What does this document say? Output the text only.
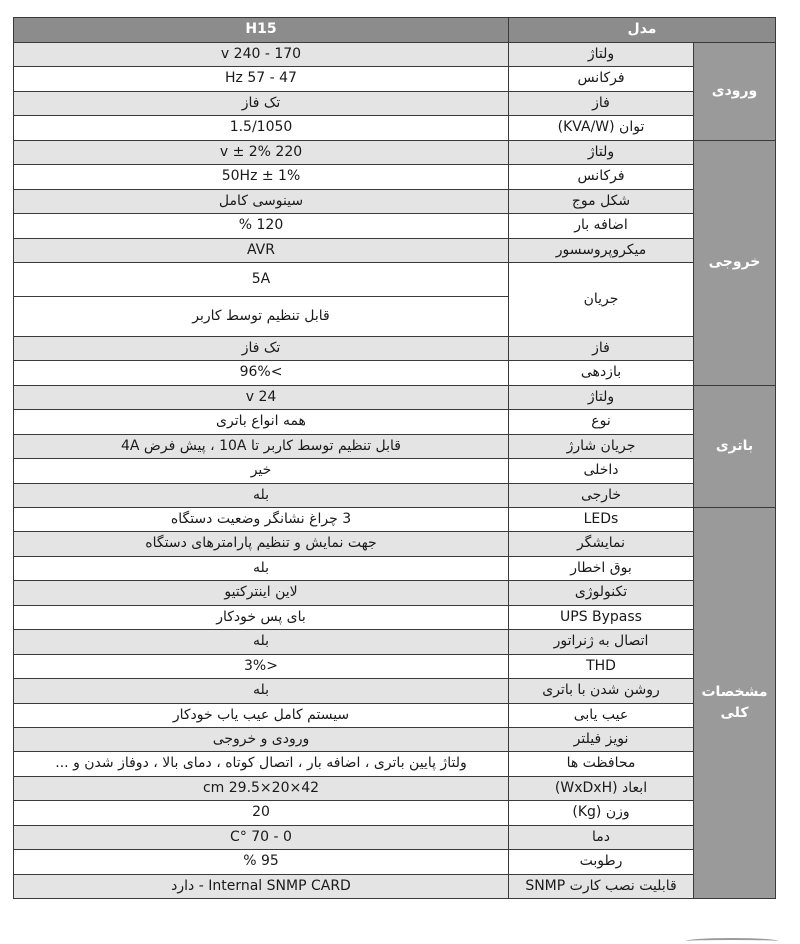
H15	مدل	
170 - 240 v	ولتاژ	ورودی
47 - 57 Hz	فرکانس	
تک فاز	فاز	
1.5/1050	توان (KVA/W)	
220 v ± 2%	ولتاژ	خروجی
50Hz ± 1%	فرکانس	
سینوسی کامل	شکل موج	
120 %	اضافه بار	
AVR	میکروپروسسور	
5A	جریان	
قابل تنظیم توسط کاربر		
تک فاز	فاز	
>96%	بازدهی	
24 v	ولتاژ	باتری
همه انواع باتری	نوع	
قابل تنظیم توسط کاربر تا 10A ، پیش فرض 4A	جریان شارژ	
خیر	داخلی	
بله	خارجی	
3 چراغ نشانگر وضعیت دستگاه	LEDs	مشخصات کلی
جهت نمایش و تنظیم پارامترهای دستگاه	نمایشگر	
بله	بوق اخطار	
لاین اینترکتیو	تکنولوژی	
بای پس خودکار	UPS Bypass	
بله	اتصال به ژنراتور	
<3%	THD	
بله	روشن شدن با باتری	
سیستم کامل عیب یاب خودکار	عیب یابی	
ورودی و خروجی	نویز فیلتر	
ولتاژ پایین باتری ، اضافه بار ، اتصال کوتاه ، دمای بالا ، دوفاز شدن و ...	محافظت ها	
42×20×29.5 cm	ابعاد (WxDxH)	
20	وزن (Kg)	
0 - 70 °C	دما	
95 %	رطوبت	
Internal SNMP CARD - دارد	قابلیت نصب کارت SNMP	
